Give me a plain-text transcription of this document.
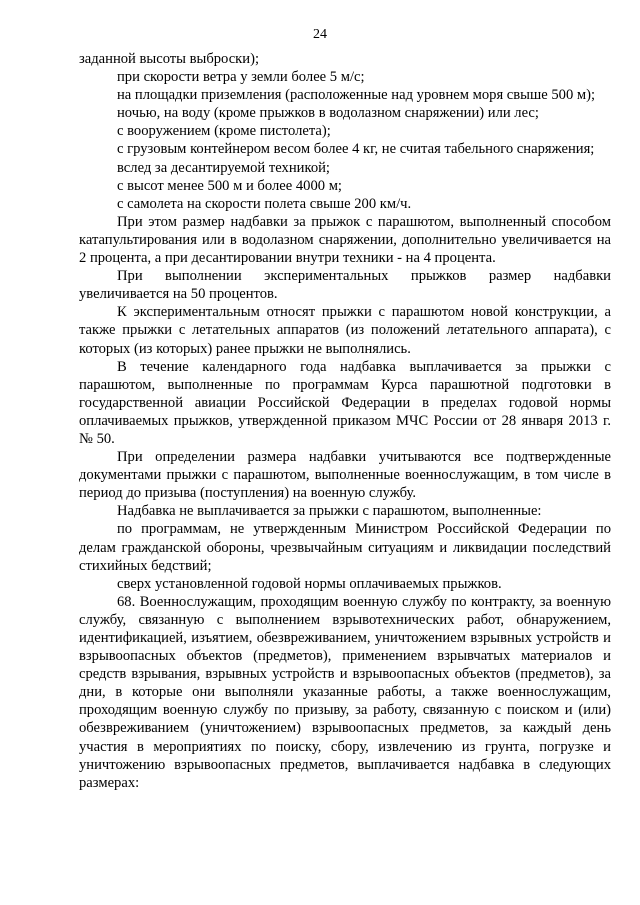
24

заданной высоты выброски);

при скорости ветра у земли более 5 м/с;

на площадки приземления (расположенные над уровнем моря свыше 500 м);

ночью, на воду (кроме прыжков в водолазном снаряжении) или лес;

с вооружением (кроме пистолета);

с грузовым контейнером весом более 4 кг, не считая табельного снаряжения;

вслед за десантируемой техникой;

с высот менее 500 м и более 4000 м;

с самолета на скорости полета свыше 200 км/ч.

При этом размер надбавки за прыжок с парашютом, выполненный способом катапультирования или в водолазном снаряжении, дополнительно увеличивается на 2 процента, а при десантировании внутри техники - на 4 процента.

При выполнении экспериментальных прыжков размер надбавки увеличивается на 50 процентов.

К экспериментальным относят прыжки с парашютом новой конструкции, а также прыжки с летательных аппаратов (из положений летательного аппарата), с которых (из которых) ранее прыжки не выполнялись.

В течение календарного года надбавка выплачивается за прыжки с парашютом, выполненные по программам Курса парашютной подготовки в государственной авиации Российской Федерации в пределах годовой нормы оплачиваемых прыжков, утвержденной приказом МЧС России от 28 января 2013 г. № 50.

При определении размера надбавки учитываются все подтвержденные документами прыжки с парашютом, выполненные военнослужащим, в том числе в период до призыва (поступления) на военную службу.

Надбавка не выплачивается за прыжки с парашютом, выполненные:

по программам, не утвержденным Министром Российской Федерации по делам гражданской обороны, чрезвычайным ситуациям и ликвидации последствий стихийных бедствий;

сверх установленной годовой нормы оплачиваемых прыжков.

68. Военнослужащим, проходящим военную службу по контракту, за военную службу, связанную с выполнением взрывотехнических работ, обнаружением, идентификацией, изъятием, обезвреживанием, уничтожением взрывных устройств и взрывоопасных объектов (предметов), применением взрывчатых материалов и средств взрывания, взрывных устройств и взрывоопасных объектов (предметов), за дни, в которые они выполняли указанные работы, а также военнослужащим, проходящим военную службу по призыву, за работу, связанную с поиском и (или) обезвреживанием (уничтожением) взрывоопасных предметов, за каждый день участия в мероприятиях по поиску, сбору, извлечению из грунта, погрузке и уничтожению взрывоопасных предметов, выплачивается надбавка в следующих размерах:
